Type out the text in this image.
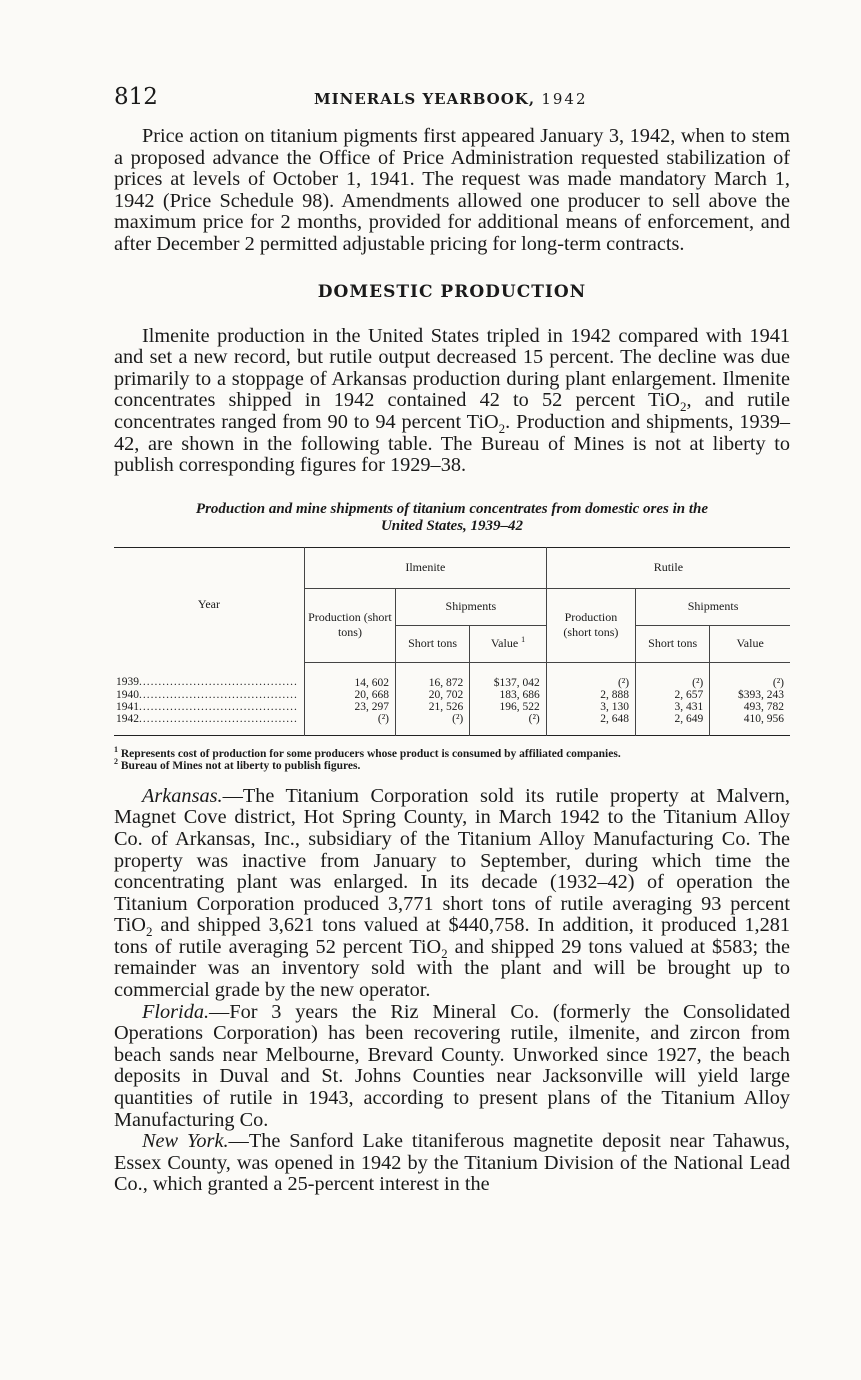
812	MINERALS YEARBOOK, 1942

Price action on titanium pigments first appeared January 3, 1942, when to stem a proposed advance the Office of Price Administration requested stabilization of prices at levels of October 1, 1941. The request was made mandatory March 1, 1942 (Price Schedule 98). Amendments allowed one producer to sell above the maximum price for 2 months, provided for additional means of enforcement, and after December 2 permitted adjustable pricing for long-term contracts.

DOMESTIC PRODUCTION

Ilmenite production in the United States tripled in 1942 compared with 1941 and set a new record, but rutile output decreased 15 percent. The decline was due primarily to a stoppage of Arkansas production during plant enlargement. Ilmenite concentrates shipped in 1942 contained 42 to 52 percent TiO$_2$, and rutile concentrates ranged from 90 to 94 percent TiO$_2$. Production and shipments, 1939–42, are shown in the following table. The Bureau of Mines is not at liberty to publish corresponding figures for 1929–38.

Production and mine shipments of titanium concentrates from domestic ores in the
United States, 1939–42
Year	Ilmenite			Rutile		
	Production (short tons)	Shipments		Production (short tons)	Shipments	
		Short tons	Value $^1$		Short tons	Value
1939.........................................	14, 602	16, 872	$137, 042	(²)	(²)	(²)
1940.........................................	20, 668	20, 702	183, 686	2, 888	2, 657	$393, 243
1941.........................................	23, 297	21, 526	196, 522	3, 130	3, 431	493, 782
1942.........................................	(²)	(²)	(²)	2, 648	2, 649	410, 956
$^1$ Represents cost of production for some producers whose product is consumed by affiliated companies.
$^2$ Bureau of Mines not at liberty to publish figures.

Arkansas.—The Titanium Corporation sold its rutile property at Malvern, Magnet Cove district, Hot Spring County, in March 1942 to the Titanium Alloy Co. of Arkansas, Inc., subsidiary of the Titanium Alloy Manufacturing Co. The property was inactive from January to September, during which time the concentrating plant was enlarged. In its decade (1932–42) of operation the Titanium Corporation produced 3,771 short tons of rutile averaging 93 percent TiO$_2$ and shipped 3,621 tons valued at $440,758. In addition, it produced 1,281 tons of rutile averaging 52 percent TiO$_2$ and shipped 29 tons valued at $583; the remainder was an inventory sold with the plant and will be brought up to commercial grade by the new operator.

Florida.—For 3 years the Riz Mineral Co. (formerly the Consolidated Operations Corporation) has been recovering rutile, ilmenite, and zircon from beach sands near Melbourne, Brevard County. Unworked since 1927, the beach deposits in Duval and St. Johns Counties near Jacksonville will yield large quantities of rutile in 1943, according to present plans of the Titanium Alloy Manufacturing Co.

New York.—The Sanford Lake titaniferous magnetite deposit near Tahawus, Essex County, was opened in 1942 by the Titanium Division of the National Lead Co., which granted a 25-percent interest in the
